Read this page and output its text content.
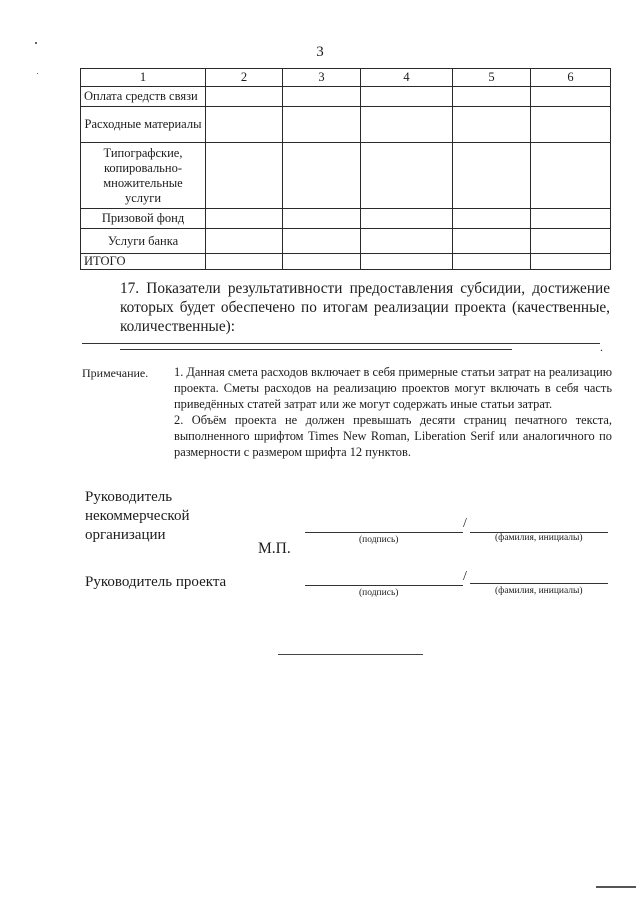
3
1	2	3	4	5	6
Оплата средств связи					
Расходные материалы					
Типографские, копировально-множительные услуги					
Призовой фонд					
Услуги банка					
ИТОГО					
17. Показатели результативности предоставления субсидии, достижение которых будет обеспечено по итогам реализации проекта (качественные, количественные):
.
Примечание. 1. Данная смета расходов включает в себя примерные статьи затрат на реализацию проекта. Сметы расходов на реализацию проектов могут включать в себя часть приведённых статей затрат или же могут содержать иные статьи затрат.

2. Объём проекта не должен превышать десяти страниц печатного текста, выполненного шрифтом Times New Roman, Liberation Serif или аналогичного по размерности с размером шрифта 12 пунктов.

Руководитель
некоммерческой
организации
М.П.
/
(подпись)	(фамилия, инициалы)
Руководитель проекта	/
(подпись)	(фамилия, инициалы)
